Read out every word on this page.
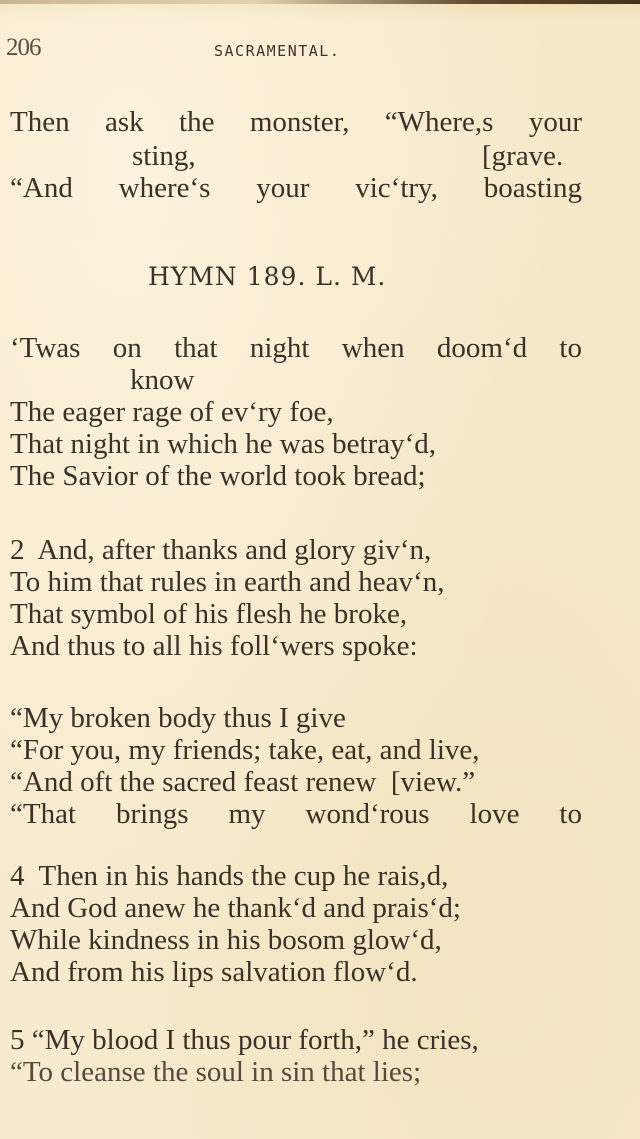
206	SACRAMENTAL.
Then ask the monster, “Where,s your
sting,	[grave.
“And where‘s your vic‘try, boasting
HYMN 189. L. M.
‘Twas on that night when doom‘d to
know
The eager rage of ev‘ry foe,
That night in which he was betray‘d,
The Savior of the world took bread;
2  And, after thanks and glory giv‘n,
To him that rules in earth and heav‘n,
That symbol of his flesh he broke,
And thus to all his foll‘wers spoke:
“My broken body thus I give
“For you, my friends; take, eat, and live,
“And oft the sacred feast renew  [view.”
“That brings my wond‘rous love to
4  Then in his hands the cup he rais,d,
And God anew he thank‘d and prais‘d;
While kindness in his bosom glow‘d,
And from his lips salvation flow‘d.
5 “My blood I thus pour forth,” he cries,
“To cleanse the soul in sin that lies;
